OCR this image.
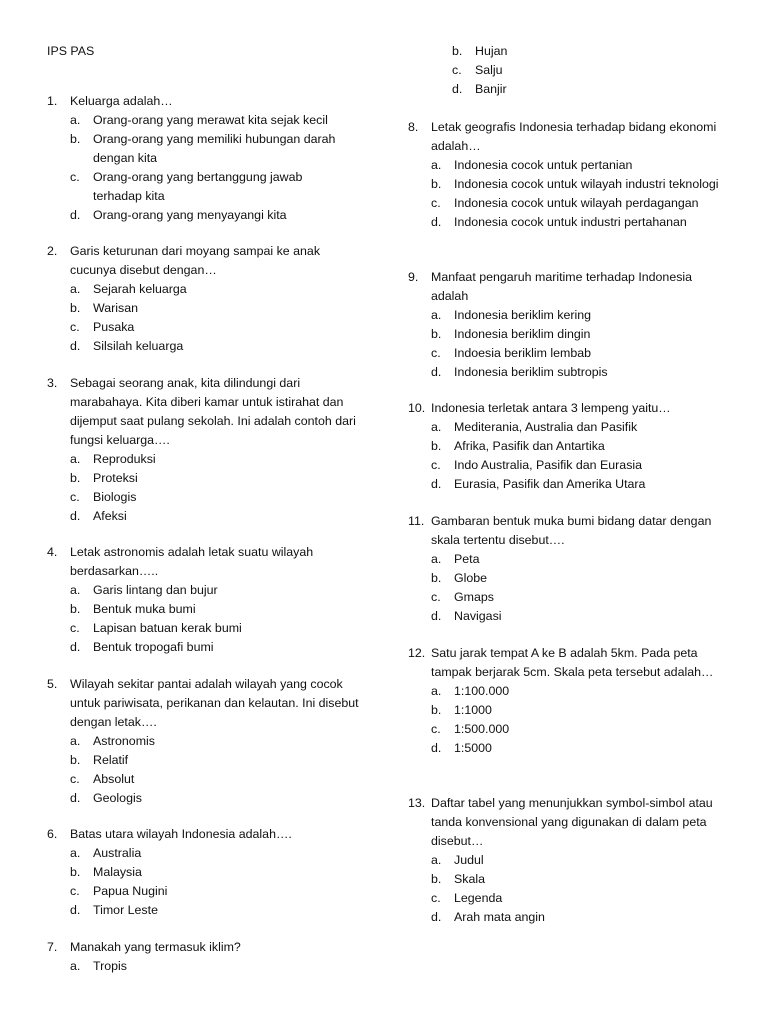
IPS PAS
1.	Keluarga adalah…
a.	Orang-orang yang merawat kita sejak kecil
b.	Orang-orang yang memiliki hubungan darah dengan kita
c.	Orang-orang yang bertanggung jawab terhadap kita
d.	Orang-orang yang menyayangi kita
2.	Garis keturunan dari moyang sampai ke anak cucunya disebut dengan…
a.	Sejarah keluarga
b.	Warisan
c.	Pusaka
d.	Silsilah keluarga
3.	Sebagai seorang anak, kita dilindungi dari marabahaya. Kita diberi kamar untuk istirahat dan dijemput saat pulang sekolah. Ini adalah contoh dari fungsi keluarga….
a.	Reproduksi
b.	Proteksi
c.	Biologis
d.	Afeksi
4.	Letak astronomis adalah letak suatu wilayah berdasarkan…..
a.	Garis lintang dan bujur
b.	Bentuk muka bumi
c.	Lapisan batuan kerak bumi
d.	Bentuk tropogafi bumi
5.	Wilayah sekitar pantai adalah wilayah yang cocok untuk pariwisata, perikanan dan kelautan. Ini disebut dengan letak….
a.	Astronomis
b.	Relatif
c.	Absolut
d.	Geologis
6.	Batas utara wilayah Indonesia adalah….
a.	Australia
b.	Malaysia
c.	Papua Nugini
d.	Timor Leste
7.	Manakah yang termasuk iklim?
a.	Tropis
b.	Hujan
c.	Salju
d.	Banjir
8.	Letak geografis Indonesia terhadap bidang ekonomi adalah…
a.	Indonesia cocok untuk pertanian
b. Indonesia cocok untuk wilayah industri teknologi
c.	Indonesia cocok untuk wilayah perdagangan
d.	Indonesia cocok untuk industri pertahanan
9.	Manfaat pengaruh maritime terhadap Indonesia adalah
a.	Indonesia beriklim kering
b.	Indonesia beriklim dingin
c.	Indoesia beriklim lembab
d.	Indonesia beriklim subtropis
10. Indonesia terletak antara 3 lempeng yaitu…
a.	Mediterania, Australia dan Pasifik
b.	Afrika, Pasifik dan Antartika
c.	Indo Australia, Pasifik dan Eurasia
d.	Eurasia, Pasifik dan Amerika Utara
11. Gambaran bentuk muka bumi bidang datar dengan skala tertentu disebut….
a.	Peta
b.	Globe
c.	Gmaps
d.	Navigasi
12. Satu jarak tempat A ke B adalah 5km. Pada peta tampak berjarak 5cm. Skala peta tersebut adalah…
a.	1:100.000
b.	1:1000
c.	1:500.000
d.	1:5000
13. Daftar tabel yang menunjukkan symbol-simbol atau tanda konvensional yang digunakan di dalam peta disebut…
a.	Judul
b.	Skala
c.	Legenda
d.	Arah mata angin
